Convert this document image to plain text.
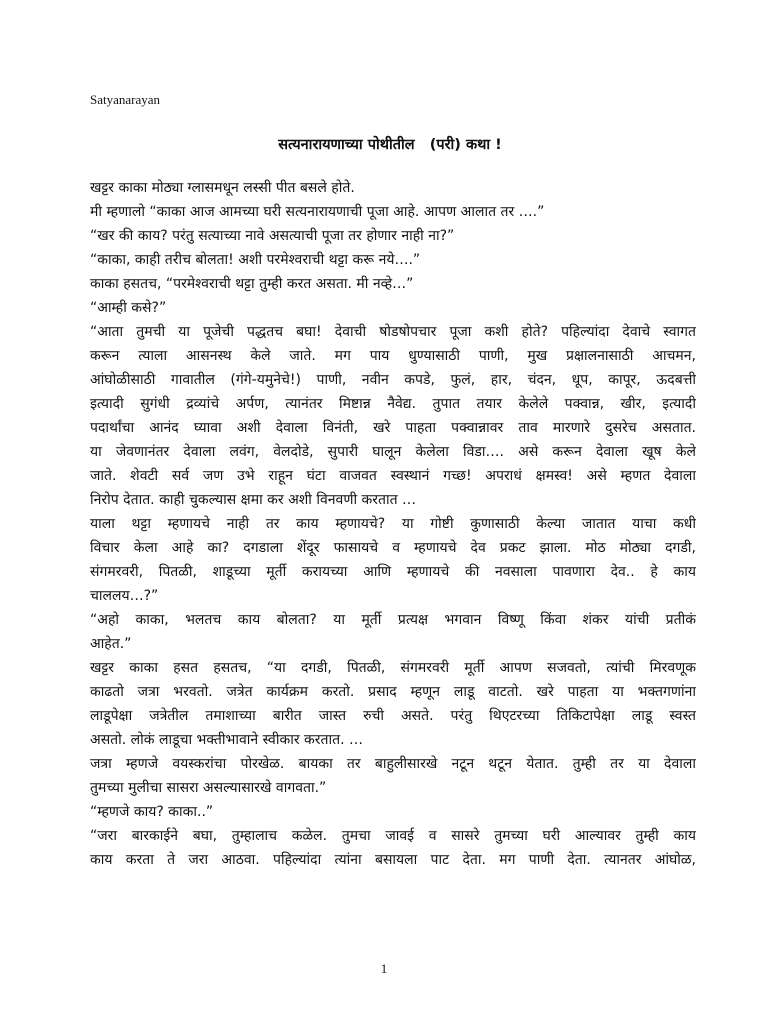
Satyanarayan
सत्यनारायणाच्या पोथीतील   (परी) कथा !
खट्टर काका मोठ्या ग्लासमधून लस्सी पीत बसले होते.
मी म्हणालो “काका आज आमच्या घरी सत्यनारायणाची पूजा आहे. आपण आलात तर ….”
“खर की काय? परंतु सत्याच्या नावे असत्याची पूजा तर होणार नाही ना?”
“काका, काही तरीच बोलता! अशी परमेश्वराची थट्टा करू नये….”
काका हसतच, “परमेश्वराची थट्टा तुम्ही करत असता. मी नव्हे…”
“आम्ही कसे?”
“आता तुमची या पूजेची पद्धतच बघा! देवाची षोडषोपचार पूजा कशी होते? पहिल्यांदा देवाचे स्वागत
करून त्याला आसनस्थ केले जाते. मग पाय धुण्यासाठी पाणी, मुख प्रक्षालनासाठी आचमन,
आंघोळीसाठी गावातील (गंगे-यमुनेचे!) पाणी, नवीन कपडे, फुलं, हार, चंदन, धूप, कापूर, ऊदबत्ती
इत्यादी सुगंधी द्रव्यांचे अर्पण, त्यानंतर मिष्टान्न नैवेद्य. तुपात तयार केलेले पक्वान्न, खीर, इत्यादी
पदार्थांचा आनंद घ्यावा अशी देवाला विनंती, खरे पाहता पक्वान्नावर ताव मारणारे दुसरेच असतात.
या जेवणानंतर देवाला लवंग, वेलदोडे, सुपारी घालून केलेला विडा…. असे करून देवाला खूष केले
जाते. शेवटी सर्व जण उभे राहून घंटा वाजवत स्वस्थानं गच्छ! अपराधं क्षमस्व! असे म्हणत देवाला
निरोप देतात. काही चुकल्यास क्षमा कर अशी विनवणी करतात …
याला थट्टा म्हणायचे नाही तर काय म्हणायचे? या गोष्टी कुणासाठी केल्या जातात याचा कधी
विचार केला आहे का? दगडाला शेंदूर फासायचे व म्हणायचे देव प्रकट झाला. मोठ मोठ्या दगडी,
संगमरवरी, पितळी, शाडूच्या मूर्ती करायच्या आणि म्हणायचे की नवसाला पावणारा देव.. हे काय
चाललय…?”
“अहो काका, भलतच काय बोलता? या मूर्ती प्रत्यक्ष भगवान विष्णू किंवा शंकर यांची प्रतीकं
आहेत.”
खट्टर काका हसत हसतच, “या दगडी, पितळी, संगमरवरी मूर्ती आपण सजवतो, त्यांची मिरवणूक
काढतो जत्रा भरवतो. जत्रेत कार्यक्रम करतो. प्रसाद म्हणून लाडू वाटतो. खरे पाहता या भक्तगणांना
लाडूपेक्षा जत्रेतील तमाशाच्या बारीत जास्त रुची असते. परंतु थिएटरच्या तिकिटापेक्षा लाडू स्वस्त
असतो. लोकं लाडूचा भक्तीभावाने स्वीकार करतात. …
जत्रा म्हणजे वयस्करांचा पोरखेळ. बायका तर बाहुलीसारखे नटून थटून येतात. तुम्ही तर या देवाला
तुमच्या मुलीचा सासरा असल्यासारखे वागवता.”
“म्हणजे काय? काका..”
“जरा बारकाईने बघा, तुम्हालाच कळेल. तुमचा जावई व सासरे तुमच्या घरी आल्यावर तुम्ही काय
काय करता ते जरा आठवा. पहिल्यांदा त्यांना बसायला पाट देता. मग पाणी देता. त्यानतर आंघोळ,
1
